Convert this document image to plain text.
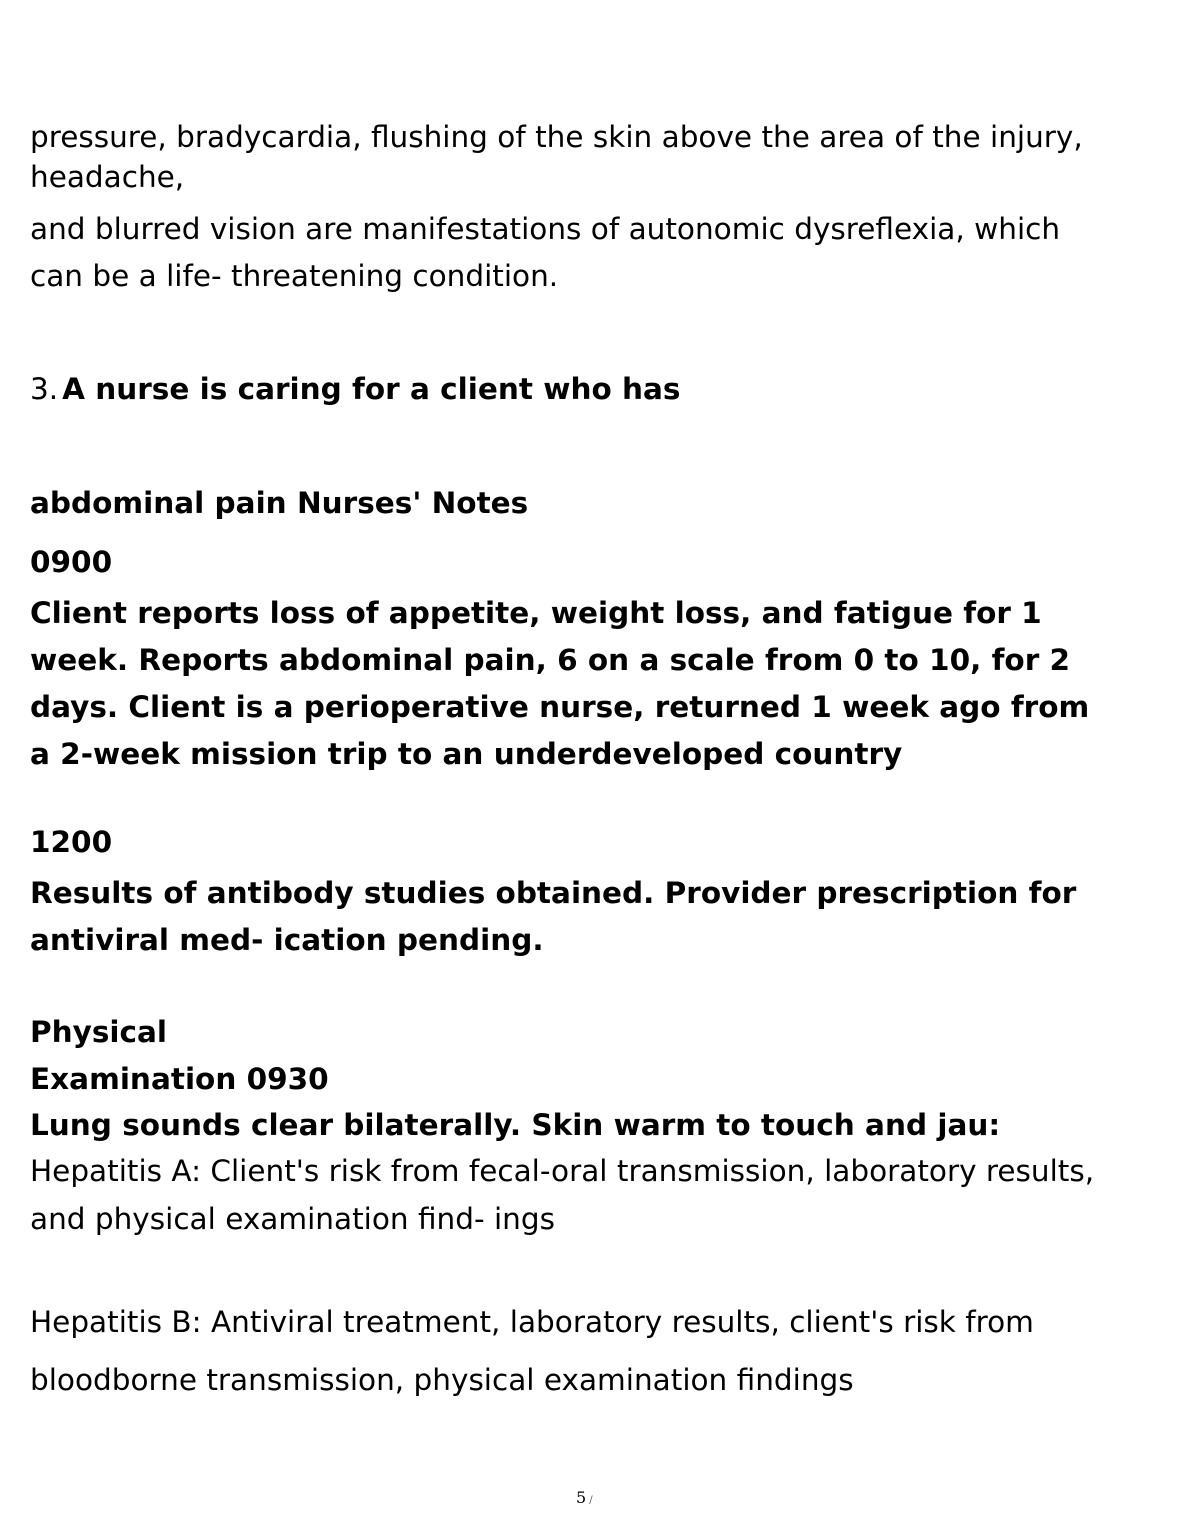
pressure, bradycardia, flushing of the skin above the area of the injury,
headache,
and blurred vision are manifestations of autonomic dysreflexia, which
can be a life- threatening condition.
3. A nurse is caring for a client who has
abdominal pain Nurses' Notes
0900
Client reports loss of appetite, weight loss, and fatigue for 1
week. Reports abdominal pain, 6 on a scale from 0 to 10, for 2
days. Client is a perioperative nurse, returned 1 week ago from
a 2-week mission trip to an underdeveloped country
1200
Results of antibody studies obtained. Provider prescription for
antiviral med- ication pending.
Physical
Examination 0930
Lung sounds clear bilaterally. Skin warm to touch and jau:
Hepatitis A: Client's risk from fecal-oral transmission, laboratory results,
and physical examination find- ings
Hepatitis B: Antiviral treatment, laboratory results, client's risk from
bloodborne transmission, physical examination findings
5 /
